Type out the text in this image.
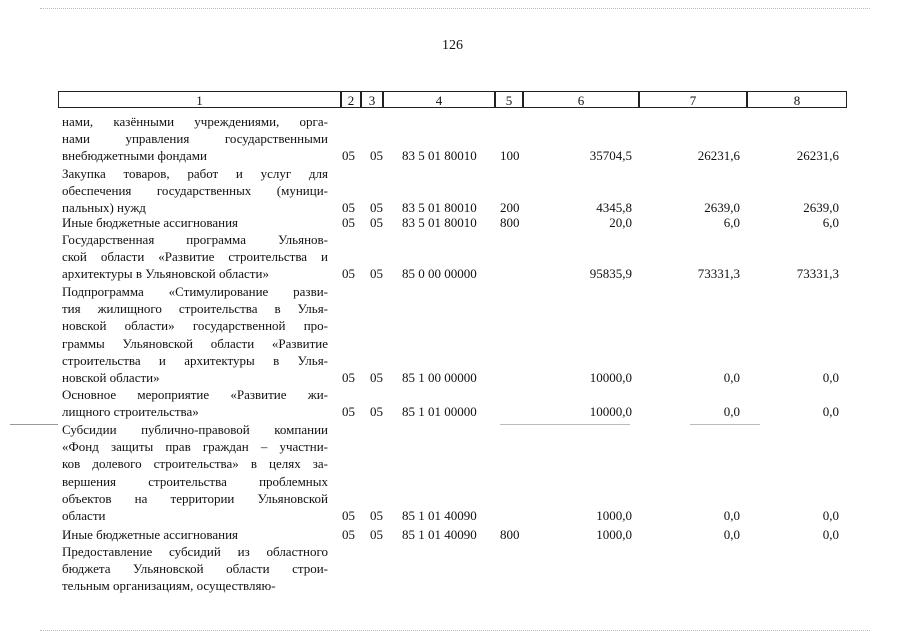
126
1	2	3	4	5	6	7	8
нами, казёнными учреждениями, орга-
нами управления государственными
внебюджетными фондами	05 05 83 5 01 80010 100	35704,5	26231,6	26231,6
Закупка товаров, работ и услуг для
обеспечения государственных (муници-
пальных) нужд	05 05 83 5 01 80010 200	4345,8	2639,0	2639,0
Иные бюджетные ассигнования	05 05 83 5 01 80010 800	20,0	6,0	6,0
Государственная программа Ульянов-
ской области «Развитие строительства и
архитектуры в Ульяновской области»	05 05 85 0 00 00000	95835,9	73331,3	73331,3
Подпрограмма «Стимулирование разви-
тия жилищного строительства в Улья-
новской области» государственной про-
граммы Ульяновской области «Развитие
строительства и архитектуры в Улья-
новской области»	05 05 85 1 00 00000	10000,0	0,0	0,0
Основное мероприятие «Развитие жи-
лищного строительства»	05 05 85 1 01 00000	10000,0	0,0	0,0
Субсидии публично-правовой компании
«Фонд защиты прав граждан – участни-
ков долевого строительства» в целях за-
вершения строительства проблемных
объектов на территории Ульяновской
области	05 05 85 1 01 40090	1000,0	0,0	0,0
Иные бюджетные ассигнования	05 05 85 1 01 40090 800	1000,0	0,0	0,0
Предоставление субсидий из областного
бюджета Ульяновской области строи-
тельным организациям, осуществляю-
